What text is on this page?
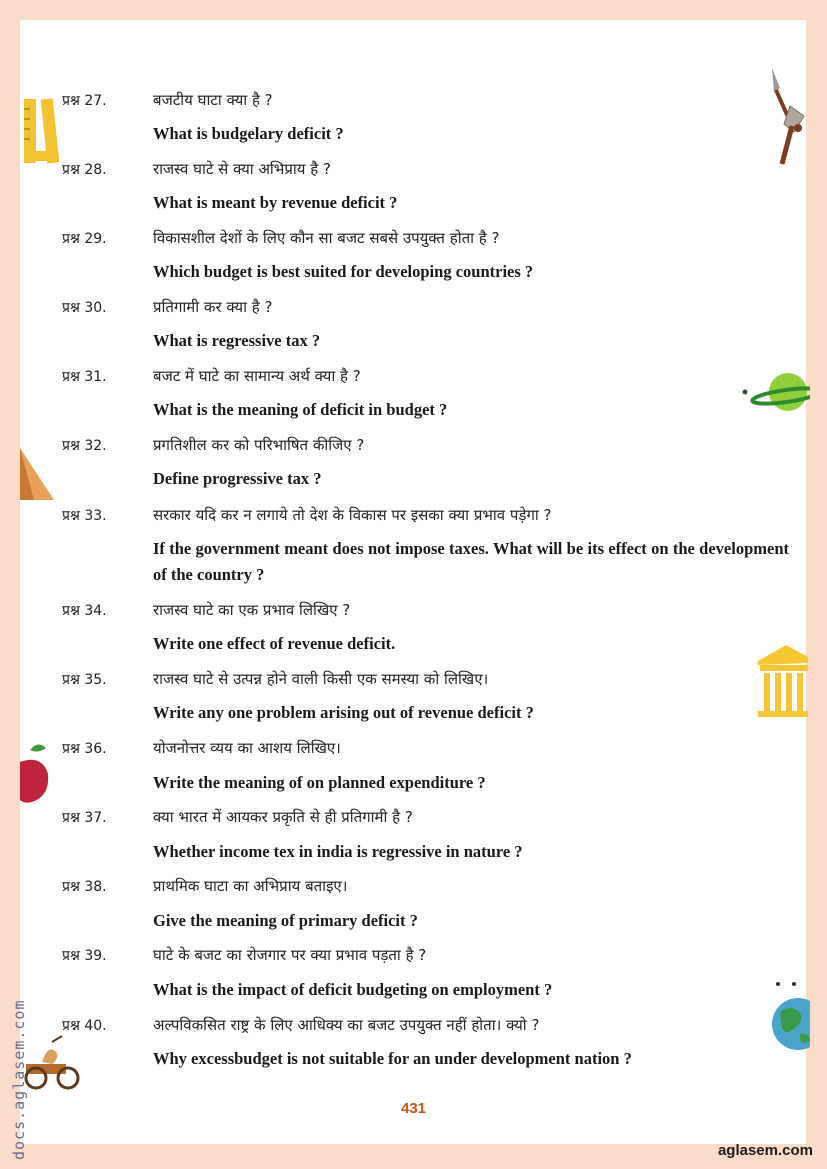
प्रश्न 27.	बजटीय घाटा क्या है ?
What is budgelary deficit ?
प्रश्न 28.	राजस्व घाटे से क्या अभिप्राय है ?
What is meant by revenue deficit ?
प्रश्न 29.	विकासशील देशों के लिए कौन सा बजट सबसे उपयुक्त होता है ?
Which budget is best suited for developing countries ?
प्रश्न 30.	प्रतिगामी कर क्या है ?
What is regressive tax ?
प्रश्न 31.	बजट में घाटे का सामान्य अर्थ क्या है ?
What is the meaning of deficit in budget ?
प्रश्न 32.	प्रगतिशील कर को परिभाषित कीजिए ?
Define progressive tax ?
प्रश्न 33.	सरकार यदि कर न लगाये तो देश के विकास पर इसका क्या प्रभाव पड़ेगा ?
If the government meant does not impose taxes. What will be its effect on the development of the country ?
प्रश्न 34.	राजस्व घाटे का एक प्रभाव लिखिए ?
Write one effect of revenue deficit.
प्रश्न 35.	राजस्व घाटे से उत्पन्न होने वाली किसी एक समस्या को लिखिए।
Write any one problem arising out of revenue deficit ?
प्रश्न 36.	योजनोत्तर व्यय का आशय लिखिए।
Write the meaning of on planned expenditure ?
प्रश्न 37.	क्या भारत में आयकर प्रकृति से ही प्रतिगामी है ?
Whether income tex in india is regressive in nature ?
प्रश्न 38.	प्राथमिक घाटा का अभिप्राय बताइए।
Give the meaning of primary deficit ?
प्रश्न 39.	घाटे के बजट का रोजगार पर क्या प्रभाव पड़ता है ?
What is the impact of deficit budgeting on employment ?
प्रश्न 40.	अल्पविकसित राष्ट्र के लिए आधिक्य का बजट उपयुक्त नहीं होता। क्यो ?
Why excessbudget is not suitable for an under development nation ?
431
aglasem.com
docs.aglasem.com
